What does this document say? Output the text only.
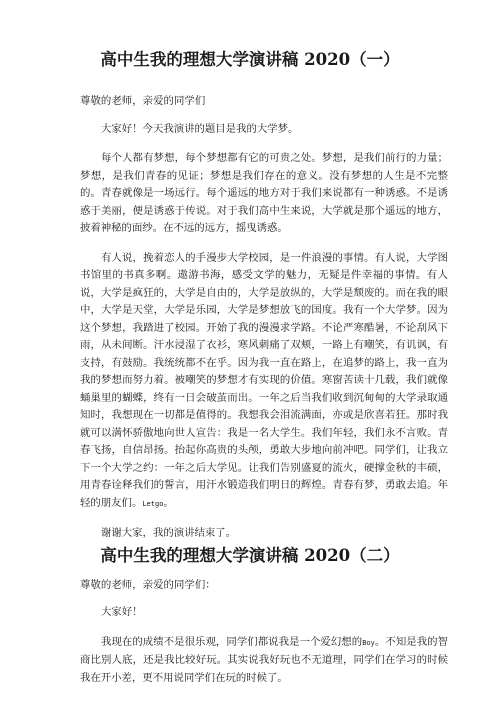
高中生我的理想大学演讲稿 2020（一）
尊敬的老师，亲爱的同学们

大家好！今天我演讲的题目是我的大学梦。

每个人都有梦想，每个梦想都有它的可贵之处。梦想，是我们前行的力量；梦想，是我们青春的见证；梦想是我们存在的意义。没有梦想的人生是不完整的。青春就像是一场远行。每个遥远的地方对于我们来说都有一种诱惑。不是诱惑于美丽，便是诱惑于传说。对于我们高中生来说，大学就是那个遥远的地方，披着神秘的面纱。在不远的远方，摇曳诱惑。

有人说，挽着恋人的手漫步大学校园，是一件浪漫的事情。有人说，大学图书馆里的书真多啊。遨游书海，感受文学的魅力，无疑是件幸福的事情。有人说，大学是疯狂的，大学是自由的，大学是放纵的，大学是颓废的。而在我的眼中，大学是天堂，大学是乐园，大学是梦想放飞的国度。我有一个大学梦。因为这个梦想，我踏进了校园。开始了我的漫漫求学路。不论严寒酷暑，不论刮风下雨，从未间断。汗水浸湿了衣衫，寒风刺痛了双颊，一路上有嘲笑，有讥讽，有支持，有鼓励。我统统都不在乎。因为我一直在路上，在追梦的路上，我一直为我的梦想而努力着。被嘲笑的梦想才有实现的价值。寒窗苦读十几载，我们就像蛹巢里的蝴蝶，终有一日会破茧而出。一年之后当我们收到沉甸甸的大学录取通知时，我想现在一切都是值得的。我想我会泪流满面，亦或是欣喜若狂。那时我就可以满怀骄傲地向世人宣告：我是一名大学生。我们年轻，我们永不言败。青春飞扬，自信昂扬。抬起你高贵的头颅，勇敢大步地向前冲吧。同学们，让我立下一个大学之约：一年之后大学见。让我们告别盛夏的流火，硬撑金秋的丰硕，用青春诠释我们的誓言，用汗水锻造我们明日的辉煌。青春有梦，勇敢去追。年轻的朋友们。Letgo。

谢谢大家，我的演讲结束了。

高中生我的理想大学演讲稿 2020（二）
尊敬的老师，亲爱的同学们：

大家好！

我现在的成绩不是很乐观，同学们都说我是一个爱幻想的Boy。不知是我的智商比别人底，还是我比较好玩。其实说我好玩也不无道理，同学们在学习的时候我在开小差，更不用说同学们在玩的时候了。
